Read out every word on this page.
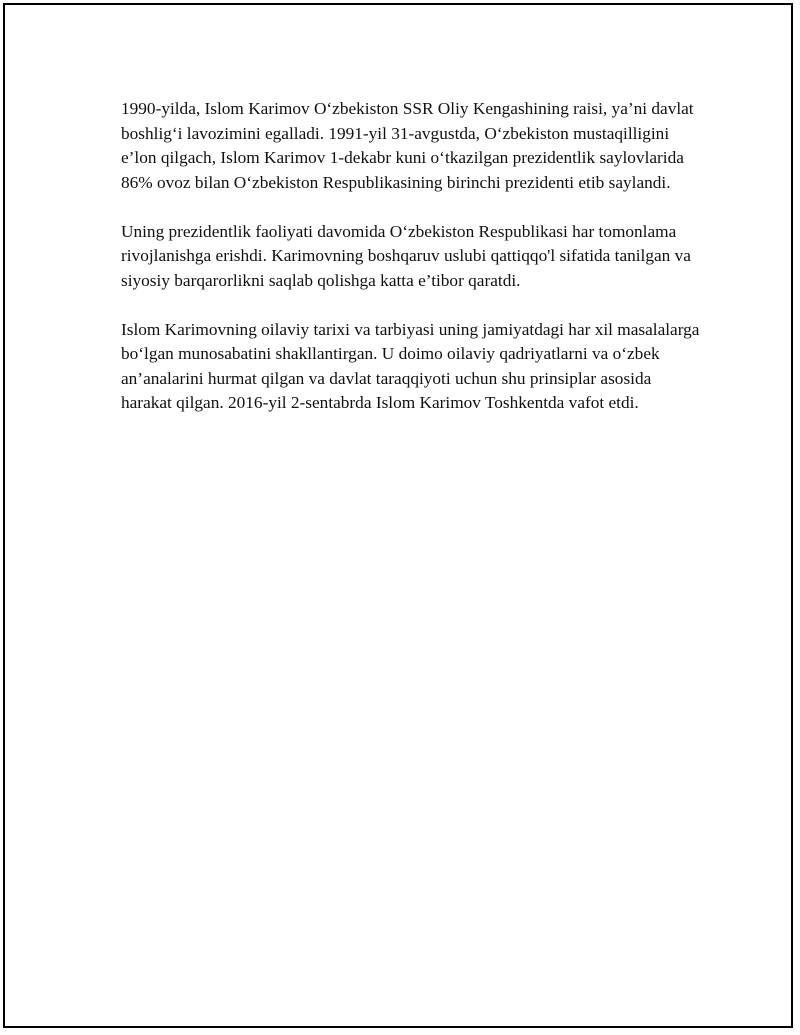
1990-yilda, Islom Karimov O‘zbekiston SSR Oliy Kengashining raisi, ya’ni davlat boshlig‘i lavozimini egalladi. 1991-yil 31-avgustda, O‘zbekiston mustaqilligini e’lon qilgach, Islom Karimov 1-dekabr kuni o‘tkazilgan prezidentlik saylovlarida 86% ovoz bilan O‘zbekiston Respublikasining birinchi prezidenti etib saylandi.

Uning prezidentlik faoliyati davomida O‘zbekiston Respublikasi har tomonlama rivojlanishga erishdi. Karimovning boshqaruv uslubi qattiqqo'l sifatida tanilgan va siyosiy barqarorlikni saqlab qolishga katta e’tibor qaratdi.

Islom Karimovning oilaviy tarixi va tarbiyasi uning jamiyatdagi har xil masalalarga bo‘lgan munosabatini shakllantirgan. U doimo oilaviy qadriyatlarni va o‘zbek an’analarini hurmat qilgan va davlat taraqqiyoti uchun shu prinsiplar asosida harakat qilgan. 2016-yil 2-sentabrda Islom Karimov Toshkentda vafot etdi.
